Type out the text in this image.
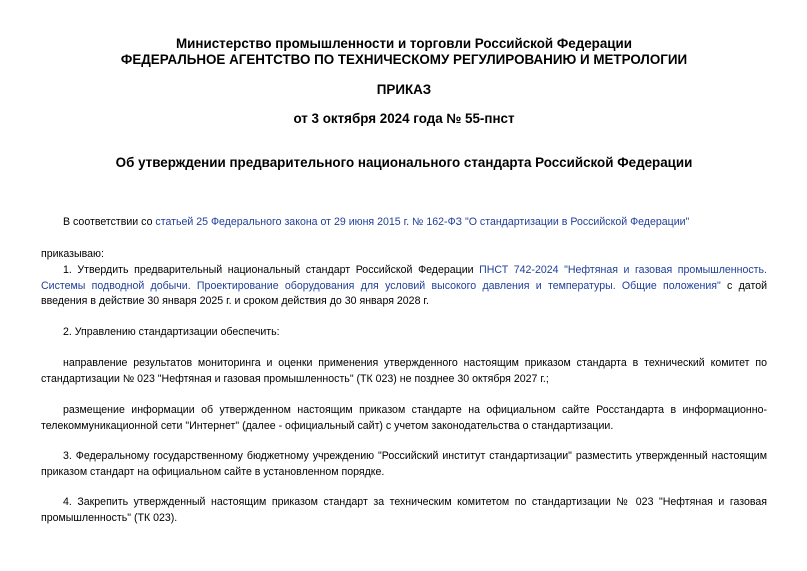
Министерство промышленности и торговли Российской Федерации

ФЕДЕРАЛЬНОЕ АГЕНТСТВО ПО ТЕХНИЧЕСКОМУ РЕГУЛИРОВАНИЮ И МЕТРОЛОГИИ

ПРИКАЗ

от 3 октября 2024 года № 55-пнст

Об утверждении предварительного национального стандарта Российской Федерации

В соответствии со статьей 25 Федерального закона от 29 июня 2015 г. № 162-ФЗ "О стандартизации в Российской Федерации"

приказываю:

1. Утвердить предварительный национальный стандарт Российской Федерации ПНСТ 742-2024 "Нефтяная и газовая промышленность. Системы подводной добычи. Проектирование оборудования для условий высокого давления и температуры. Общие положения" с датой введения в действие 30 января 2025 г. и сроком действия до 30 января 2028 г.

2. Управлению стандартизации обеспечить:

направление результатов мониторинга и оценки применения утвержденного настоящим приказом стандарта в технический комитет по стандартизации № 023 "Нефтяная и газовая промышленность" (ТК 023) не позднее 30 октября 2027 г.;

размещение информации об утвержденном настоящим приказом стандарте на официальном сайте Росстандарта в информационно-телекоммуникационной сети "Интернет" (далее - официальный сайт) с учетом законодательства о стандартизации.

3. Федеральному государственному бюджетному учреждению "Российский институт стандартизации" разместить утвержденный настоящим приказом стандарт на официальном сайте в установленном порядке.

4. Закрепить утвержденный настоящим приказом стандарт за техническим комитетом по стандартизации № 023 "Нефтяная и газовая промышленность" (ТК 023).
